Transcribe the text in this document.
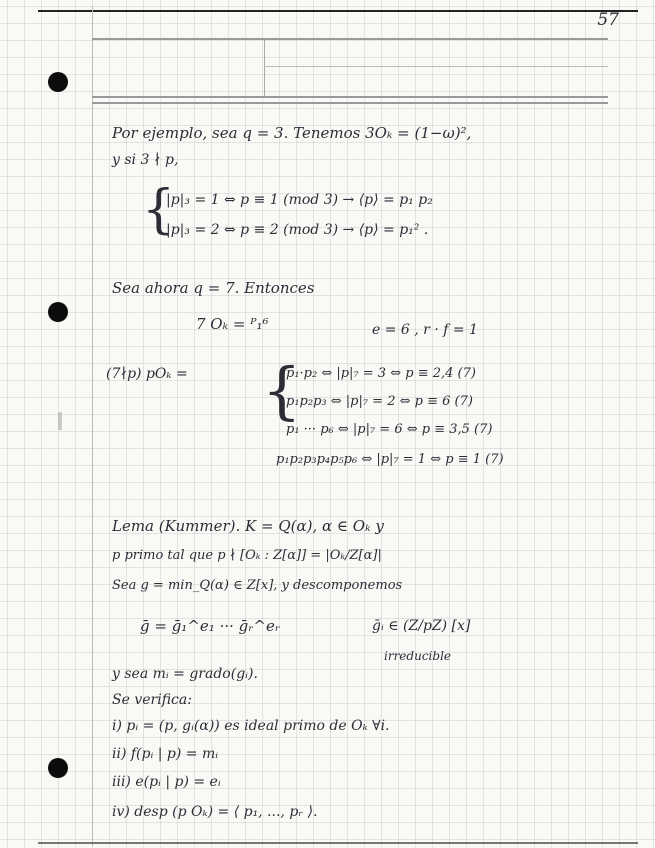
57
Por ejemplo, sea q = 3. Tenemos 3Oₖ = (1−ω)²,
y si 3 ∤ p,
{
|p|₃ = 1 ⇔ p ≡ 1 (mod 3) → ⟨p⟩ = p₁ p₂
|p|₃ = 2 ⇔ p ≡ 2 (mod 3) → ⟨p⟩ = p₁² .
Sea ahora q = 7. Entonces
7 Oₖ = ᴾ₁⁶	e = 6 , r · f = 1
(7∤p) pOₖ = {
p₁·p₂ ⇔ |p|₇ = 3 ⇔ p ≡ 2,4 (7)
p₁p₂p₃ ⇔ |p|₇ = 2 ⇔ p ≡ 6 (7)
p₁ ··· p₆ ⇔ |p|₇ = 6 ⇔ p ≡ 3,5 (7)
p₁p₂p₃p₄p₅p₆ ⇔ |p|₇ = 1 ⇔ p ≡ 1 (7)
Lema (Kummer). K = Q(α), α ∈ Oₖ y
p primo tal que p ∤ [Oₖ : Z[α]] = |Oₖ/Z[α]|
Sea g = min_Q(α) ∈ Z[x], y descomponemos
ḡ = ḡ₁^e₁ ··· ḡᵣ^eᵣ	ḡᵢ ∈ (Z/pZ) [x]
irreducible
y sea mᵢ = grado(gᵢ).
Se verifica:
i) pᵢ = (p, gᵢ(α)) es ideal primo de Oₖ ∀i.
ii) f(pᵢ | p) = mᵢ
iii) e(pᵢ | p) = eᵢ
iv) desp (p Oₖ) = ⟨ p₁, ..., pᵣ ⟩.
